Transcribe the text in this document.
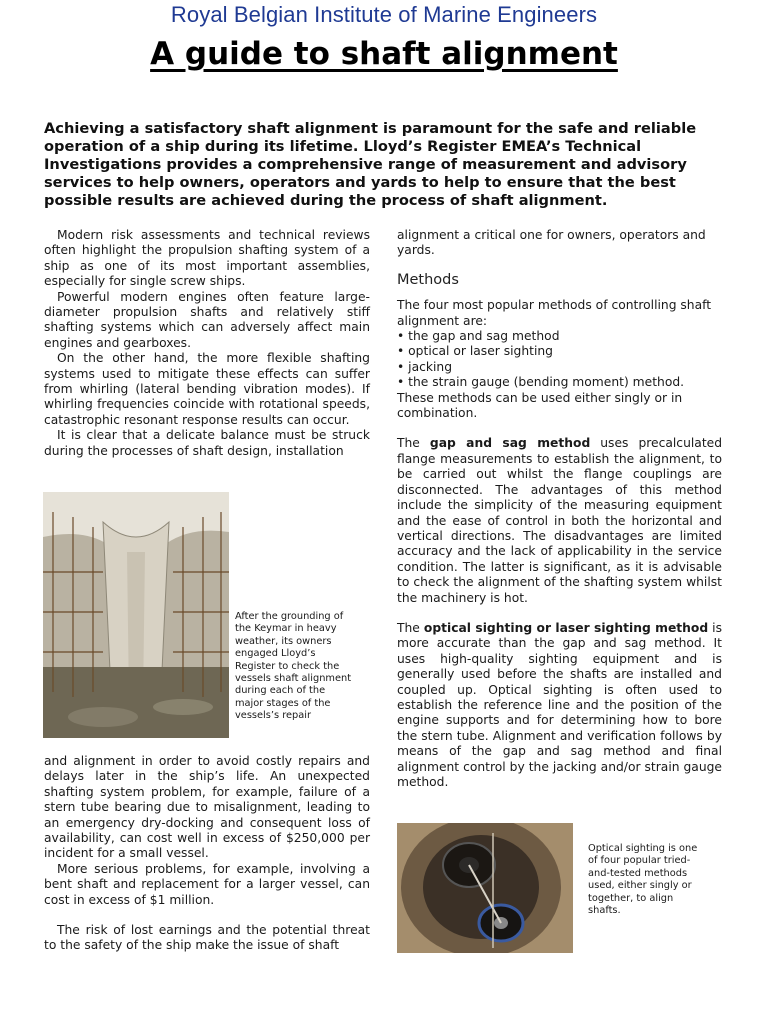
Royal Belgian Institute of Marine Engineers
A guide to shaft alignment
Achieving a satisfactory shaft alignment is paramount for the safe and reliable operation of a ship during its lifetime. Lloyd’s Register EMEA’s Technical Investigations provides a comprehensive range of measurement and advisory services to help owners, operators and yards to help to ensure that the best possible results are achieved during the process of shaft alignment.

Modern risk assessments and technical reviews often highlight the propulsion shafting system of a ship as one of its most important assemblies, especially for single screw ships.

Powerful modern engines often feature large-diameter propulsion shafts and relatively stiff shafting systems which can adversely affect main engines and gearboxes.

On the other hand, the more flexible shafting systems used to mitigate these effects can suffer from whirling (lateral bending vibration modes). If whirling frequencies coincide with rotational speeds, catastrophic resonant response results can occur.

It is clear that a delicate balance must be struck during the processes of shaft design, installation

After the grounding of the Keymar in heavy weather, its owners engaged Lloyd’s Register to check the vessels shaft alignment during each of the major stages of the vessels’s repair

and alignment in order to avoid costly repairs and delays later in the ship’s life. An unexpected shafting system problem, for example, failure of a stern tube bearing due to misalignment, leading to an emergency dry-docking and consequent loss of availability, can cost well in excess of $250,000 per incident for a small vessel.

More serious problems, for example, involving a bent shaft and replacement for a larger vessel, can cost in excess of $1 million.

The risk of lost earnings and the potential threat to the safety of the ship make the issue of shaft

alignment a critical one for owners, operators and yards.

Methods

The four most popular methods of controlling shaft alignment are:

• the gap and sag method

• optical or laser sighting

• jacking

• the strain gauge (bending moment) method.

These methods can be used either singly or in combination.

The gap and sag method uses precalculated flange measurements to establish the alignment, to be carried out whilst the flange couplings are disconnected. The advantages of this method include the simplicity of the measuring equipment and the ease of control in both the horizontal and vertical directions. The disadvantages are limited accuracy and the lack of applicability in the service condition. The latter is significant, as it is advisable to check the alignment of the shafting system whilst the machinery is hot.

The optical sighting or laser sighting method is more accurate than the gap and sag method. It uses high-quality sighting equipment and is generally used before the shafts are installed and coupled up. Optical sighting is often used to establish the reference line and the position of the engine supports and for determining how to bore the stern tube. Alignment and verification follows by means of the gap and sag method and final alignment control by the jacking and/or strain gauge method.

Optical sighting is one of four popular tried-and-tested methods used, either singly or together, to align shafts.
